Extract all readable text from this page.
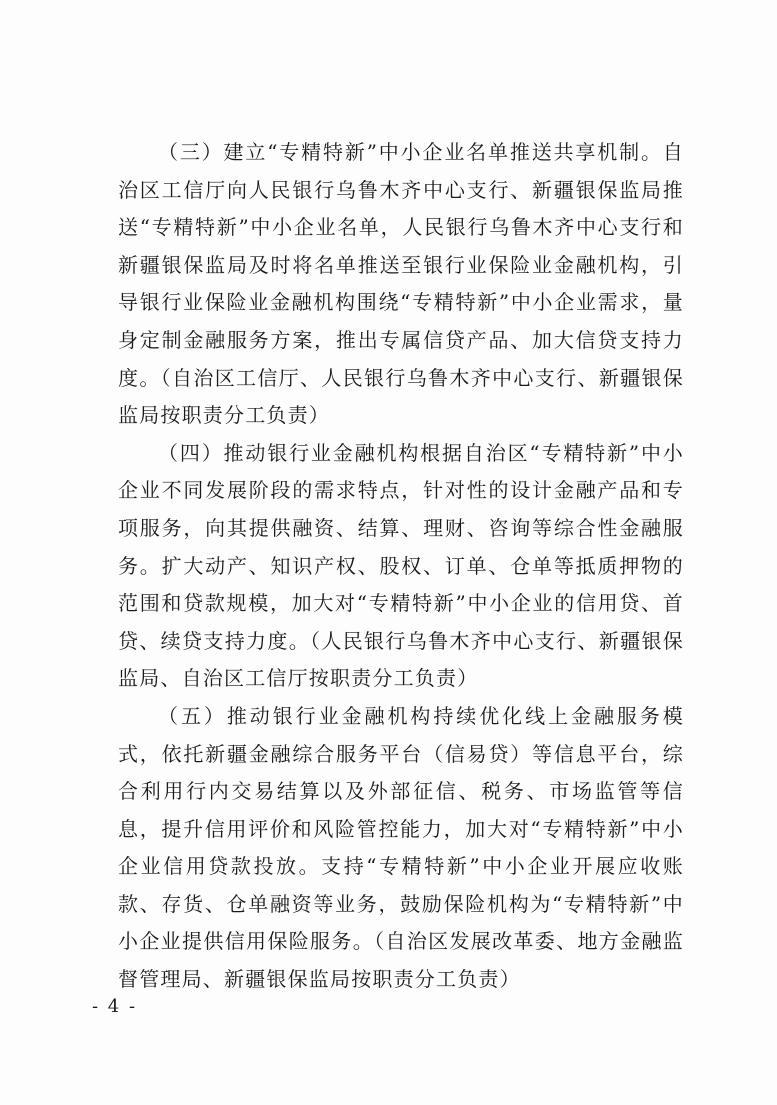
（三）建立“专精特新”中小企业名单推送共享机制。自治区工信厅向人民银行乌鲁木齐中心支行、新疆银保监局推送“专精特新”中小企业名单，人民银行乌鲁木齐中心支行和新疆银保监局及时将名单推送至银行业保险业金融机构，引导银行业保险业金融机构围绕“专精特新”中小企业需求，量身定制金融服务方案，推出专属信贷产品、加大信贷支持力度。（自治区工信厅、人民银行乌鲁木齐中心支行、新疆银保监局按职责分工负责）

（四）推动银行业金融机构根据自治区“专精特新”中小企业不同发展阶段的需求特点，针对性的设计金融产品和专项服务，向其提供融资、结算、理财、咨询等综合性金融服务。扩大动产、知识产权、股权、订单、仓单等抵质押物的范围和贷款规模，加大对“专精特新”中小企业的信用贷、首贷、续贷支持力度。（人民银行乌鲁木齐中心支行、新疆银保监局、自治区工信厅按职责分工负责）

（五）推动银行业金融机构持续优化线上金融服务模式，依托新疆金融综合服务平台（信易贷）等信息平台，综合利用行内交易结算以及外部征信、税务、市场监管等信息，提升信用评价和风险管控能力，加大对“专精特新”中小企业信用贷款投放。支持“专精特新”中小企业开展应收账款、存货、仓单融资等业务，鼓励保险机构为“专精特新”中小企业提供信用保险服务。（自治区发展改革委、地方金融监督管理局、新疆银保监局按职责分工负责）

- 4 -
